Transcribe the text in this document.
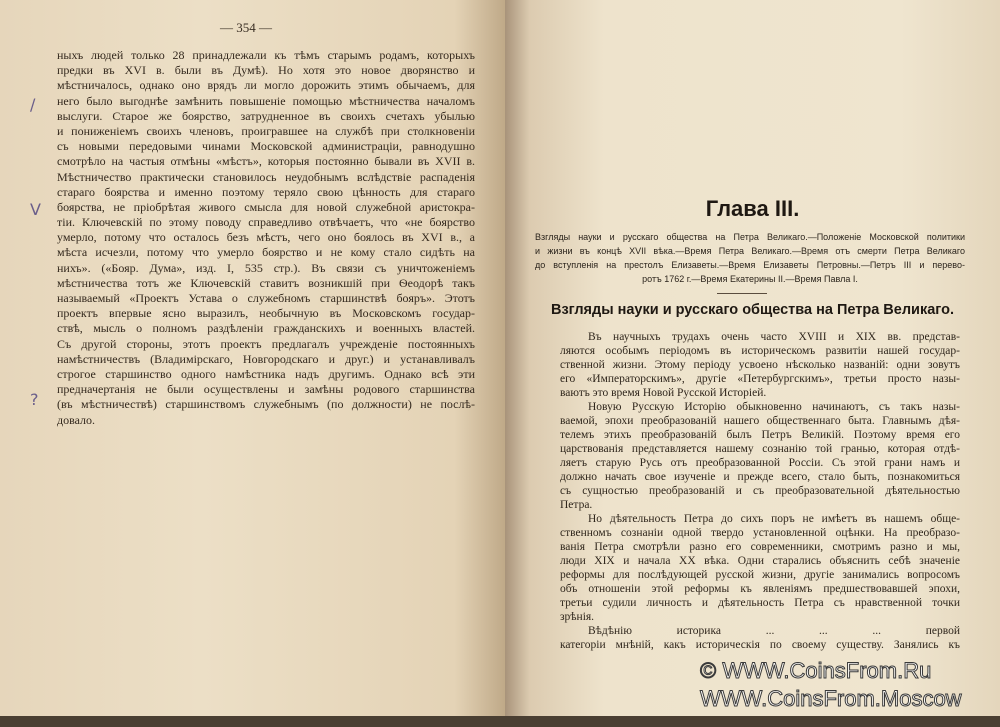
— 354 —
ныхъ людей только 28 принадлежали къ тѣмъ старымъ родамъ, которыхъ
предки въ XVI в. были въ Думѣ). Но хотя это новое дворянство и
мѣстничалось, однако оно врядъ ли могло дорожить этимъ обычаемъ, для
него было выгоднѣе замѣнить повышеніе помощью мѣстничества началомъ
выслуги. Старое же боярство, затрудненное въ своихъ счетахъ убылью
и пониженіемъ своихъ членовъ, проигравшее на службѣ при столкновеніи
съ новыми передовыми чинами Московской администраціи, равнодушно
смотрѣло на частыя отмѣны «мѣстъ», которыя постоянно бывали въ XVII в.
Мѣстничество практически становилось неудобнымъ вслѣдствіе распаденія
стараго боярства и именно поэтому теряло свою цѣнность для стараго
боярства, не пріобрѣтая живого смысла для новой служебной аристокра-
тіи. Ключевскій по этому поводу справедливо отвѣчаетъ, что «не боярство
умерло, потому что осталось безъ мѣстъ, чего оно боялось въ XVI в., а
мѣста исчезли, потому что умерло боярство и не кому стало сидѣть на
нихъ». («Бояр. Дума», изд. I, 535 стр.). Въ связи съ уничтоженіемъ
мѣстничества тотъ же Ключевскій ставитъ возникшій при Ѳеодорѣ такъ
называемый «Проектъ Устава о служебномъ старшинствѣ бояръ». Этотъ
проектъ впервые ясно выразилъ, необычную въ Московскомъ государ-
ствѣ, мысль о полномъ раздѣленіи гражданскихъ и военныхъ властей.
Съ другой стороны, этотъ проектъ предлагалъ учрежденіе постоянныхъ
намѣстничествъ (Владимірскаго, Новгородскаго и друг.) и устанавливалъ
строгое старшинство одного намѣстника надъ другимъ. Однако всѣ эти
предначертанія не были осуществлены и замѣны родового старшинства
(въ мѣстничествѣ) старшинствомъ служебнымъ (по должности) не послѣ-
довало.
/
V
?
Глава III.
Взгляды науки и русскаго общества на Петра Великаго.—Положеніе Московской политики
и жизни въ концѣ XVII вѣка.—Время Петра Великаго.—Время отъ смерти Петра Великаго
до вступленія на престолъ Елизаветы.—Время Елизаветы Петровны.—Петръ III и перево-
ротъ 1762 г.—Время Екатерины II.—Время Павла I.
Взгляды науки и русскаго общества на Петра Великаго.
Въ научныхъ трудахъ очень часто XVIII и XIX вв. представ-
ляются особымъ періодомъ въ историческомъ развитіи нашей государ-
ственной жизни. Этому періоду усвоено нѣсколько названій: одни зовутъ
его «Императорскимъ», другіе «Петербургскимъ», третьи просто назы-
ваютъ это время Новой Русской Исторіей.
Новую Русскую Исторію обыкновенно начинаютъ, съ такъ назы-
ваемой, эпохи преобразованій нашего общественнаго быта. Главнымъ дѣя-
телемъ этихъ преобразованій былъ Петръ Великій. Поэтому время его
царствованія представляется нашему сознанію той гранью, которая отдѣ-
ляетъ старую Русь отъ преобразованной Россіи. Съ этой грани намъ и
должно начать свое изученіе и прежде всего, стало быть, познакомиться
съ сущностью преобразованій и съ преобразовательной дѣятельностью
Петра.
Но дѣятельность Петра до сихъ поръ не имѣетъ въ нашемъ обще-
ственномъ сознаніи одной твердо установленной оцѣнки. На преобразо-
ванія Петра смотрѣли разно его современники, смотримъ разно и мы,
люди XIX и начала XX вѣка. Одни старались объяснить себѣ значеніе
реформы для послѣдующей русской жизни, другіе занимались вопросомъ
объ отношеніи этой реформы къ явленіямъ предшествовавшей эпохи,
третьи судили личность и дѣятельность Петра съ нравственной точки
зрѣнія.
Вѣдѣнію историка ... ... ... первой
категоріи мнѣній, какъ историческія по своему существу. Занялись къ
© WWW.CoinsFrom.Ru
WWW.CoinsFrom.Moscow
